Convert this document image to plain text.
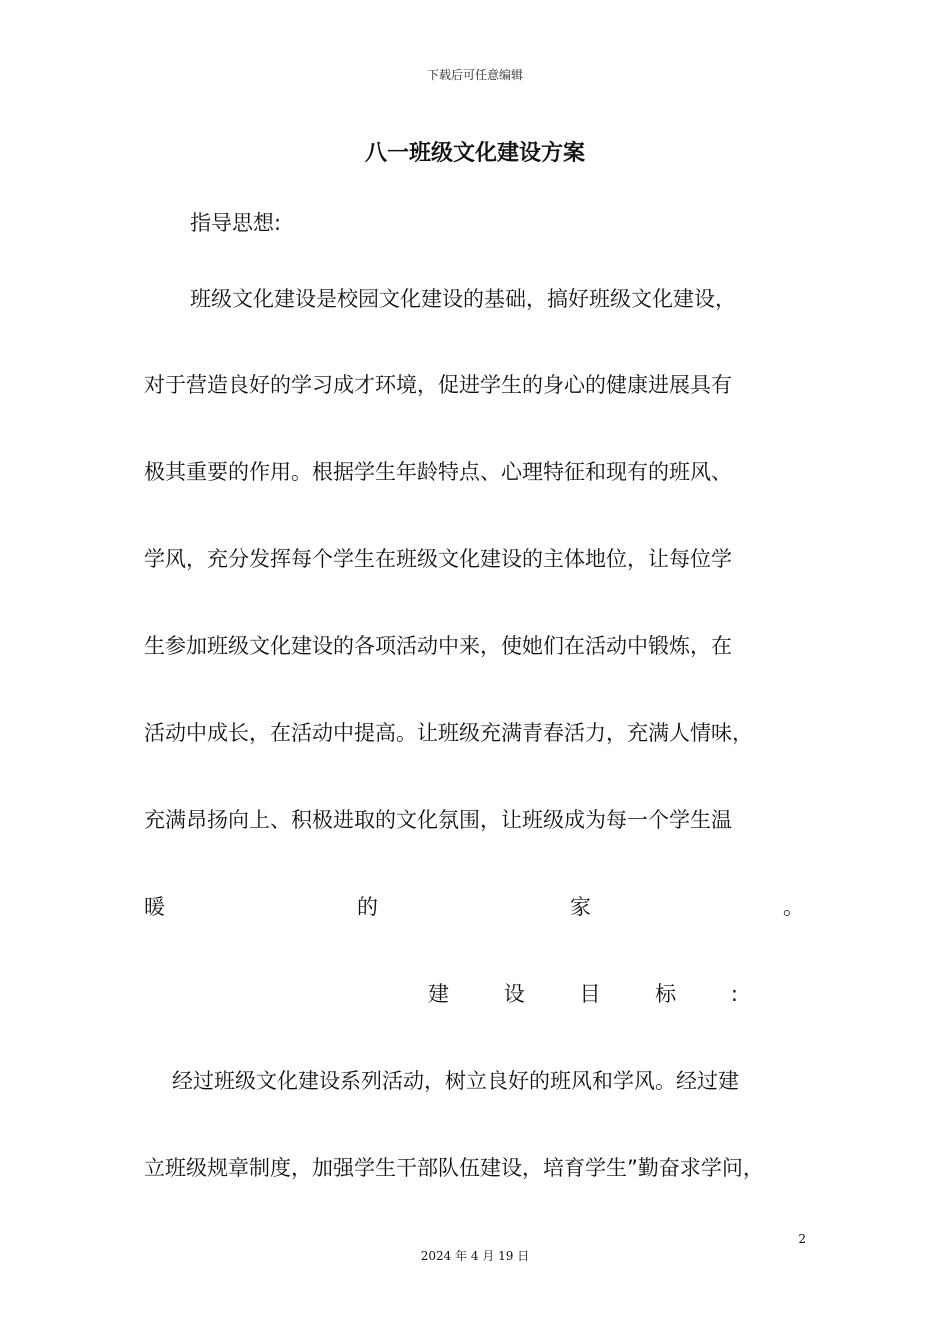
下载后可任意编辑
八一班级文化建设方案
指导思想:
班级文化建设是校园文化建设的基础，搞好班级文化建设，
对于营造良好的学习成才环境，促进学生的身心的健康进展具有
极其重要的作用。根据学生年龄特点、心理特征和现有的班风、
学风，充分发挥每个学生在班级文化建设的主体地位，让每位学
生参加班级文化建设的各项活动中来，使她们在活动中锻炼，在
活动中成长，在活动中提高。让班级充满青春活力，充满人情味，
充满昂扬向上、积极进取的文化氛围，让班级成为每一个学生温
暖	的	家	。
建	设	目	标	:
经过班级文化建设系列活动，树立良好的班风和学风。经过建
立班级规章制度，加强学生干部队伍建设，培育学生”勤奋求学问，
2
2024 年 4 月 19 日
